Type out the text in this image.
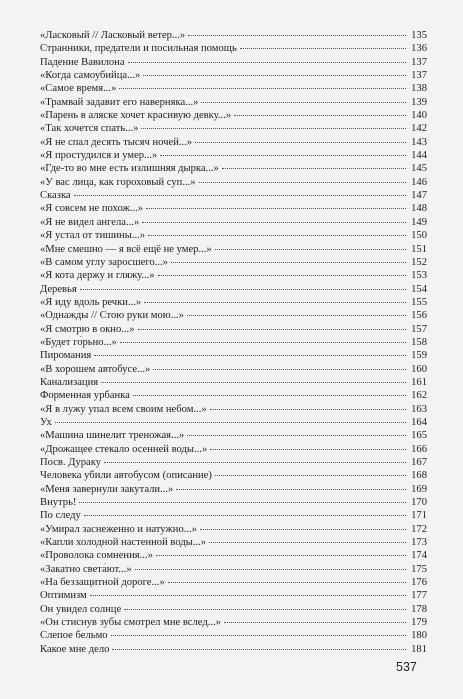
«Ласковый // Ласковый ветер...»	135
Странники, предатели и посильная помощь	136
Падение Вавилона	137
«Когда самоубийца...»	137
«Самое время...»	138
«Трамвай задавит его наверняка...»	139
«Парень в аляске хочет красивую девку...»	140
«Так хочется спать...»	142
«Я не спал десять тысяч ночей...»	143
«Я простудился и умер...»	144
«Где-то во мне есть излишняя дырка...»	145
«У вас лица, как гороховый суп...»	146
Сказка	147
«Я совсем не похож...»	148
«Я не видел ангела...»	149
«Я устал от тишины...»	150
«Мне смешно — я всё ещё не умер...»	151
«В самом углу заросшего...»	152
«Я кота держу и гляжу...»	153
Деревья	154
«Я иду вдоль речки...»	155
«Однажды // Стою руки мою...»	156
«Я смотрю в окно...»	157
«Будет го́рьно...»	158
Пиромания	159
«В хорошем автобусе...»	160
Канализация	161
Форменная урбанка	162
«Я в лужу упал всем своим небом...»	163
Ух	164
«Машина шинелит треножая...»	165
«Дрожащее стекало осенней воды...»	166
Посв. Дураку	167
Человека убили автобусом (описание)	168
«Меня завернули закутали...»	169
Внутрь!	170
По следу	171
«Умирал заснеженно и натужно...»	172
«Капли холодной настенной воды...»	173
«Проволока сомнения...»	174
«Закатно света́ют...»	175
«На беззащитной дороге...»	176
Оптимизм	177
Он увидел солнце	178
«Он стиснув зубы смотрел мне вслед...»	179
Слепое бельмо	180
Какое мне дело	181
537
